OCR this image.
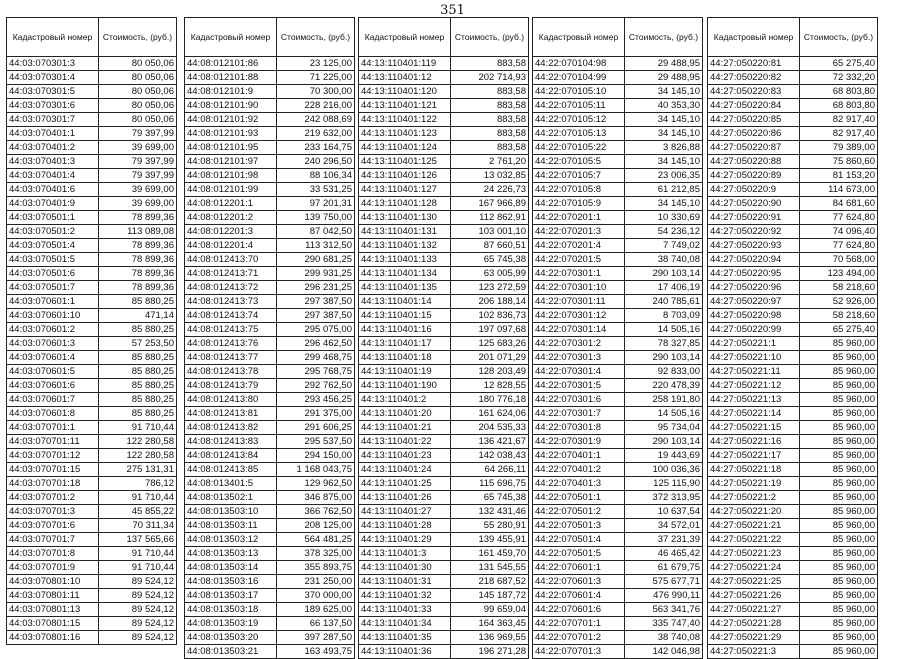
351
Кадастровый номер	Стоимость, (руб.)
44:03:070301:3	80 050,06
44:03:070301:4	80 050,06
44:03:070301:5	80 050,06
44:03:070301:6	80 050,06
44:03:070301:7	80 050,06
44:03:070401:1	79 397,99
44:03:070401:2	39 699,00
44:03:070401:3	79 397,99
44:03:070401:4	79 397,99
44:03:070401:6	39 699,00
44:03:070401:9	39 699,00
44:03:070501:1	78 899,36
44:03:070501:2	113 089,08
44:03:070501:4	78 899,36
44:03:070501:5	78 899,36
44:03:070501:6	78 899,36
44:03:070501:7	78 899,36
44:03:070601:1	85 880,25
44:03:070601:10	471,14
44:03:070601:2	85 880,25
44:03:070601:3	57 253,50
44:03:070601:4	85 880,25
44:03:070601:5	85 880,25
44:03:070601:6	85 880,25
44:03:070601:7	85 880,25
44:03:070601:8	85 880,25
44:03:070701:1	91 710,44
44:03:070701:11	122 280,58
44:03:070701:12	122 280,58
44:03:070701:15	275 131,31
44:03:070701:18	786,12
44:03:070701:2	91 710,44
44:03:070701:3	45 855,22
44:03:070701:6	70 311,34
44:03:070701:7	137 565,66
44:03:070701:8	91 710,44
44:03:070701:9	91 710,44
44:03:070801:10	89 524,12
44:03:070801:11	89 524,12
44:03:070801:13	89 524,12
44:03:070801:15	89 524,12
44:03:070801:16	89 524,12
Кадастровый номер	Стоимость, (руб.)
44:08:012101:86	23 125,00
44:08:012101:88	71 225,00
44:08:012101:9	70 300,00
44:08:012101:90	228 216,00
44:08:012101:92	242 088,69
44:08:012101:93	219 632,00
44:08:012101:95	233 164,75
44:08:012101:97	240 296,50
44:08:012101:98	88 106,34
44:08:012101:99	33 531,25
44:08:012201:1	97 201,31
44:08:012201:2	139 750,00
44:08:012201:3	87 042,50
44:08:012201:4	113 312,50
44:08:012413:70	290 681,25
44:08:012413:71	299 931,25
44:08:012413:72	296 231,25
44:08:012413:73	297 387,50
44:08:012413:74	297 387,50
44:08:012413:75	295 075,00
44:08:012413:76	296 462,50
44:08:012413:77	299 468,75
44:08:012413:78	295 768,75
44:08:012413:79	292 762,50
44:08:012413:80	293 456,25
44:08:012413:81	291 375,00
44:08:012413:82	291 606,25
44:08:012413:83	295 537,50
44:08:012413:84	294 150,00
44:08:012413:85	1 168 043,75
44:08:013401:5	129 962,50
44:08:013502:1	346 875,00
44:08:013503:10	366 762,50
44:08:013503:11	208 125,00
44:08:013503:12	564 481,25
44:08:013503:13	378 325,00
44:08:013503:14	355 893,75
44:08:013503:16	231 250,00
44:08:013503:17	370 000,00
44:08:013503:18	189 625,00
44:08:013503:19	66 137,50
44:08:013503:20	397 287,50
44:08:013503:21	163 493,75
Кадастровый номер	Стоимость, (руб.)
44:13:110401:119	883,58
44:13:110401:12	202 714,93
44:13:110401:120	883,58
44:13:110401:121	883,58
44:13:110401:122	883,58
44:13:110401:123	883,58
44:13:110401:124	883,58
44:13:110401:125	2 761,20
44:13:110401:126	13 032,85
44:13:110401:127	24 226,73
44:13:110401:128	167 966,89
44:13:110401:130	112 862,91
44:13:110401:131	103 001,10
44:13:110401:132	87 660,51
44:13:110401:133	65 745,38
44:13:110401:134	63 005,99
44:13:110401:135	123 272,59
44:13:110401:14	206 188,14
44:13:110401:15	102 836,73
44:13:110401:16	197 097,68
44:13:110401:17	125 683,26
44:13:110401:18	201 071,29
44:13:110401:19	128 203,49
44:13:110401:190	12 828,55
44:13:110401:2	180 776,18
44:13:110401:20	161 624,06
44:13:110401:21	204 535,33
44:13:110401:22	136 421,67
44:13:110401:23	142 038,43
44:13:110401:24	64 266,11
44:13:110401:25	115 696,75
44:13:110401:26	65 745,38
44:13:110401:27	132 431,46
44:13:110401:28	55 280,91
44:13:110401:29	139 455,91
44:13:110401:3	161 459,70
44:13:110401:30	131 545,55
44:13:110401:31	218 687,52
44:13:110401:32	145 187,72
44:13:110401:33	99 659,04
44:13:110401:34	164 363,45
44:13:110401:35	136 969,55
44:13:110401:36	196 271,28
Кадастровый номер	Стоимость, (руб.)
44:22:070104:98	29 488,95
44:22:070104:99	29 488,95
44:22:070105:10	34 145,10
44:22:070105:11	40 353,30
44:22:070105:12	34 145,10
44:22:070105:13	34 145,10
44:22:070105:22	3 826,88
44:22:070105:5	34 145,10
44:22:070105:7	23 006,35
44:22:070105:8	61 212,85
44:22:070105:9	34 145,10
44:22:070201:1	10 330,69
44:22:070201:3	54 236,12
44:22:070201:4	7 749,02
44:22:070201:5	38 740,08
44:22:070301:1	290 103,14
44:22:070301:10	17 406,19
44:22:070301:11	240 785,61
44:22:070301:12	8 703,09
44:22:070301:14	14 505,16
44:22:070301:2	78 327,85
44:22:070301:3	290 103,14
44:22:070301:4	92 833,00
44:22:070301:5	220 478,39
44:22:070301:6	258 191,80
44:22:070301:7	14 505,16
44:22:070301:8	95 734,04
44:22:070301:9	290 103,14
44:22:070401:1	19 443,69
44:22:070401:2	100 036,36
44:22:070401:3	125 115,90
44:22:070501:1	372 313,95
44:22:070501:2	10 637,54
44:22:070501:3	34 572,01
44:22:070501:4	37 231,39
44:22:070501:5	46 465,42
44:22:070601:1	61 679,75
44:22:070601:3	575 677,71
44:22:070601:4	476 990,11
44:22:070601:6	563 341,76
44:22:070701:1	335 747,40
44:22:070701:2	38 740,08
44:22:070701:3	142 046,98
Кадастровый номер	Стоимость, (руб.)
44:27:050220:81	65 275,40
44:27:050220:82	72 332,20
44:27:050220:83	68 803,80
44:27:050220:84	68 803,80
44:27:050220:85	82 917,40
44:27:050220:86	82 917,40
44:27:050220:87	79 389,00
44:27:050220:88	75 860,60
44:27:050220:89	81 153,20
44:27:050220:9	114 673,00
44:27:050220:90	84 681,60
44:27:050220:91	77 624,80
44:27:050220:92	74 096,40
44:27:050220:93	77 624,80
44:27:050220:94	70 568,00
44:27:050220:95	123 494,00
44:27:050220:96	58 218,60
44:27:050220:97	52 926,00
44:27:050220:98	58 218,60
44:27:050220:99	65 275,40
44:27:050221:1	85 960,00
44:27:050221:10	85 960,00
44:27:050221:11	85 960,00
44:27:050221:12	85 960,00
44:27:050221:13	85 960,00
44:27:050221:14	85 960,00
44:27:050221:15	85 960,00
44:27:050221:16	85 960,00
44:27:050221:17	85 960,00
44:27:050221:18	85 960,00
44:27:050221:19	85 960,00
44:27:050221:2	85 960,00
44:27:050221:20	85 960,00
44:27:050221:21	85 960,00
44:27:050221:22	85 960,00
44:27:050221:23	85 960,00
44:27:050221:24	85 960,00
44:27:050221:25	85 960,00
44:27:050221:26	85 960,00
44:27:050221:27	85 960,00
44:27:050221:28	85 960,00
44:27:050221:29	85 960,00
44:27:050221:3	85 960,00
